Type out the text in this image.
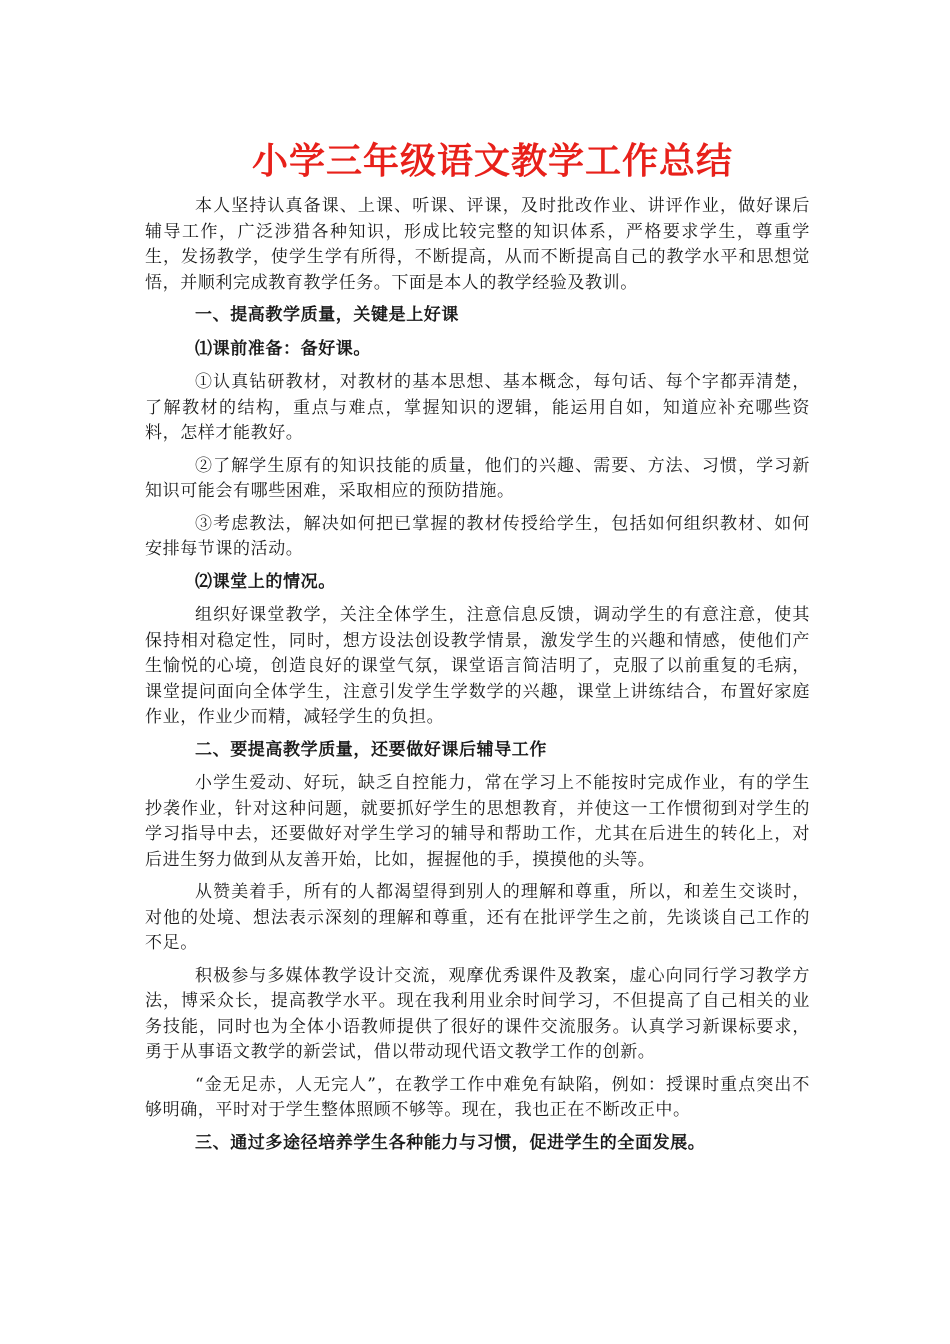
小学三年级语文教学工作总结

本人坚持认真备课、上课、听课、评课，及时批改作业、讲评作业，做好课后辅导工作，广泛涉猎各种知识，形成比较完整的知识体系，严格要求学生，尊重学生，发扬教学，使学生学有所得，不断提高，从而不断提高自己的教学水平和思想觉悟，并顺利完成教育教学任务。下面是本人的教学经验及教训。

一、提高教学质量，关键是上好课

⑴课前准备：备好课。

①认真钻研教材，对教材的基本思想、基本概念，每句话、每个字都弄清楚，了解教材的结构，重点与难点，掌握知识的逻辑，能运用自如，知道应补充哪些资料，怎样才能教好。

②了解学生原有的知识技能的质量，他们的兴趣、需要、方法、习惯，学习新知识可能会有哪些困难，采取相应的预防措施。

③考虑教法，解决如何把已掌握的教材传授给学生，包括如何组织教材、如何安排每节课的活动。

⑵课堂上的情况。

组织好课堂教学，关注全体学生，注意信息反馈，调动学生的有意注意，使其保持相对稳定性，同时，想方设法创设教学情景，激发学生的兴趣和情感，使他们产生愉悦的心境，创造良好的课堂气氛，课堂语言简洁明了，克服了以前重复的毛病，课堂提问面向全体学生，注意引发学生学数学的兴趣，课堂上讲练结合，布置好家庭作业，作业少而精，减轻学生的负担。

二、要提高教学质量，还要做好课后辅导工作

小学生爱动、好玩，缺乏自控能力，常在学习上不能按时完成作业，有的学生抄袭作业，针对这种问题，就要抓好学生的思想教育，并使这一工作惯彻到对学生的学习指导中去，还要做好对学生学习的辅导和帮助工作，尤其在后进生的转化上，对后进生努力做到从友善开始，比如，握握他的手，摸摸他的头等。

从赞美着手，所有的人都渴望得到别人的理解和尊重，所以，和差生交谈时，对他的处境、想法表示深刻的理解和尊重，还有在批评学生之前，先谈谈自己工作的不足。

积极参与多媒体教学设计交流，观摩优秀课件及教案，虚心向同行学习教学方法，博采众长，提高教学水平。现在我利用业余时间学习，不但提高了自己相关的业务技能，同时也为全体小语教师提供了很好的课件交流服务。认真学习新课标要求，勇于从事语文教学的新尝试，借以带动现代语文教学工作的创新。

“金无足赤，人无完人”，在教学工作中难免有缺陷，例如：授课时重点突出不够明确，平时对于学生整体照顾不够等。现在，我也正在不断改正中。

三、通过多途径培养学生各种能力与习惯，促进学生的全面发展。
